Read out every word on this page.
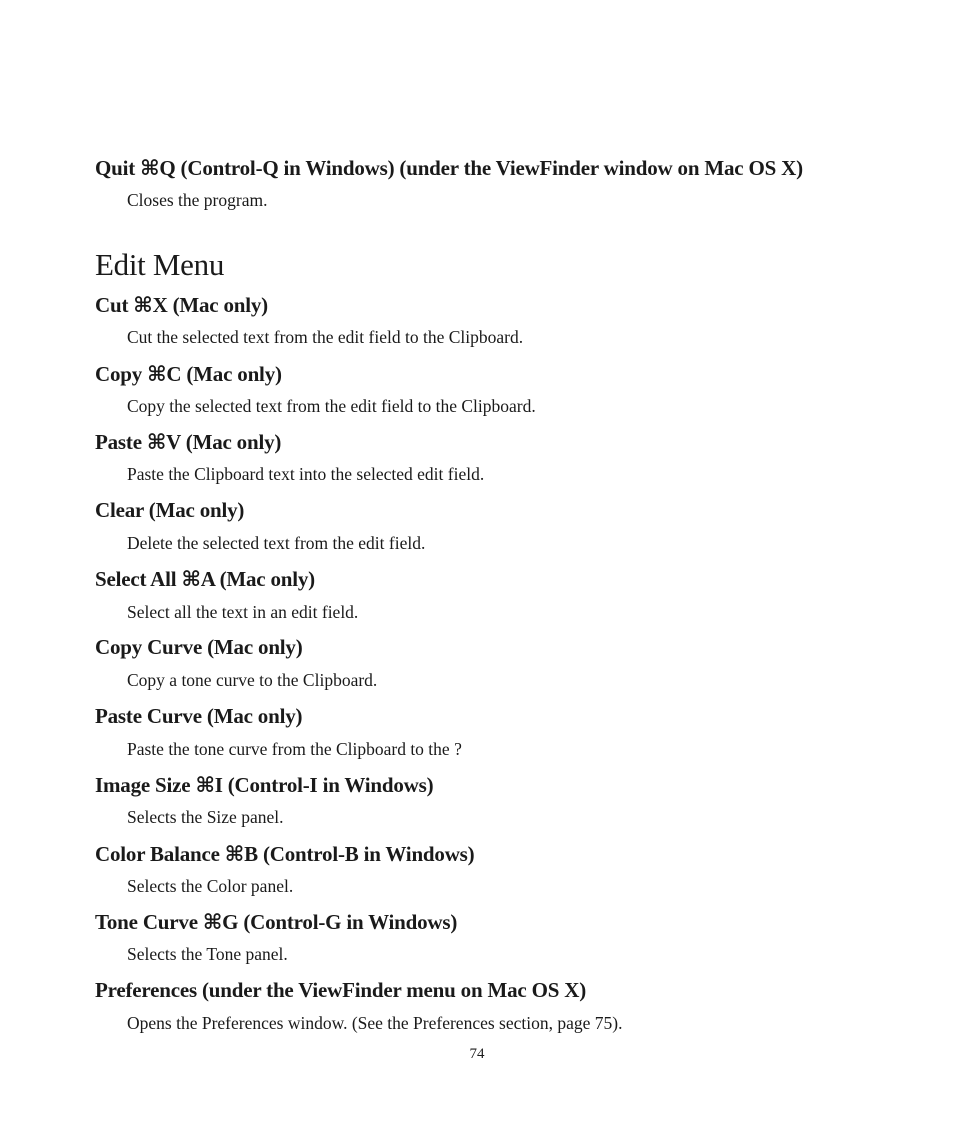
Quit ⌘Q (Control-Q in Windows) (under the ViewFinder window on Mac OS X)

Closes the program.

Edit Menu
Cut ⌘X (Mac only)

Cut the selected text from the edit field to the Clipboard.

Copy ⌘C (Mac only)

Copy the selected text from the edit field to the Clipboard.

Paste ⌘V (Mac only)

Paste the Clipboard text into the selected edit field.

Clear (Mac only)

Delete the selected text from the edit field.

Select All ⌘A (Mac only)

Select all the text in an edit field.

Copy Curve (Mac only)

Copy a tone curve to the Clipboard.

Paste Curve (Mac only)

Paste the tone curve from the Clipboard to the ?

Image Size ⌘I (Control-I in Windows)

Selects the Size panel.

Color Balance ⌘B (Control-B in Windows)

Selects the Color panel.

Tone Curve ⌘G (Control-G in Windows)

Selects the Tone panel.

Preferences (under the ViewFinder menu on Mac OS X)

Opens the Preferences window. (See the Preferences section, page 75).

74
